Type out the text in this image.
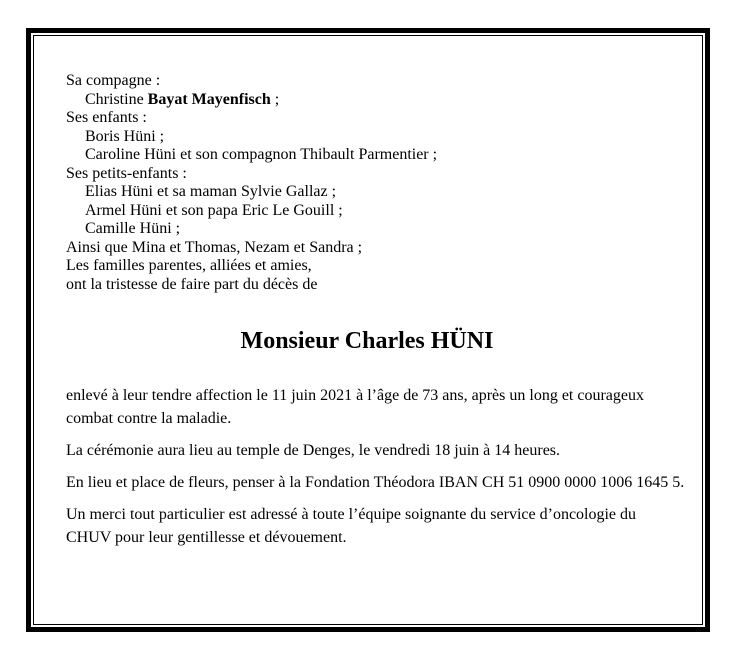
Sa compagne :
Christine Bayat Mayenfisch ;
Ses enfants :
Boris Hüni ;
Caroline Hüni et son compagnon Thibault Parmentier ;
Ses petits-enfants :
Elias Hüni et sa maman Sylvie Gallaz ;
Armel Hüni et son papa Eric Le Gouill ;
Camille Hüni ;
Ainsi que Mina et Thomas, Nezam et Sandra ;
Les familles parentes, alliées et amies,
ont la tristesse de faire part du décès de
Monsieur Charles HÜNI
enlevé à leur tendre affection le 11 juin 2021 à l’âge de 73 ans, après un long et courageux
combat contre la maladie.
La cérémonie aura lieu au temple de Denges, le vendredi 18 juin à 14 heures.
En lieu et place de fleurs, penser à la Fondation Théodora IBAN CH 51 0900 0000 1006 1645 5.
Un merci tout particulier est adressé à toute l’équipe soignante du service d’oncologie du
CHUV pour leur gentillesse et dévouement.
